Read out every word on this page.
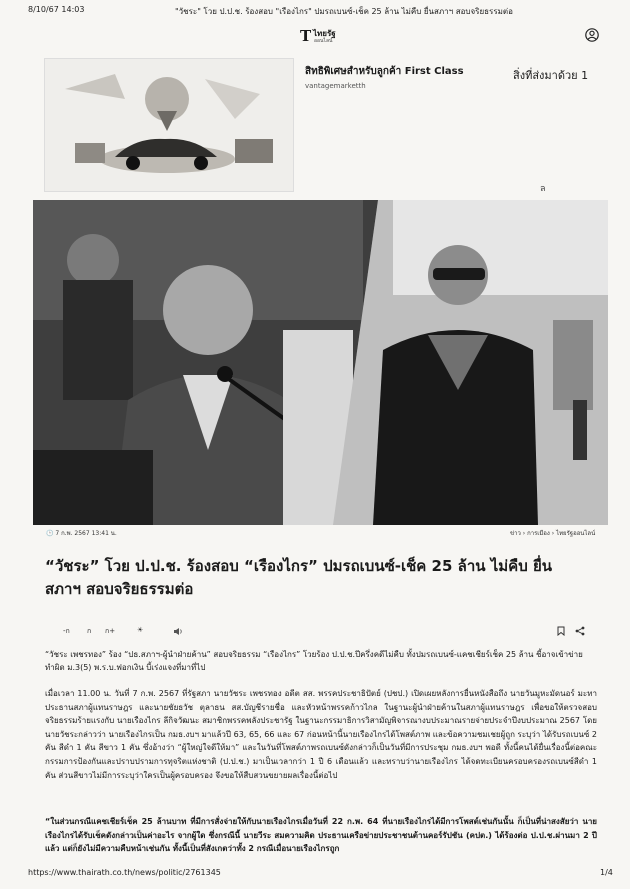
8/10/67 14:03	"วัชระ" โวย ป.ป.ช. ร้องสอบ "เรืองไกร" ปมรถเบนซ์-เช็ค 25 ล้าน ไม่คืบ ยื่นสภาฯ สอบจริยธรรมต่อ
T ไทยรัฐ
ออนไลน์
สิทธิพิเศษสำหรับลูกค้า First Class
vantagemarketth
สิ่งที่ส่งมาด้วย 1
ล
🕒 7 ก.พ. 2567 13:41 น.	ข่าว › การเมือง › ไทยรัฐออนไลน์
“วัชระ” โวย ป.ป.ช. ร้องสอบ “เรืองไกร” ปมรถเบนซ์-เช็ค 25 ล้าน ไม่คืบ ยื่นสภาฯ สอบจริยธรรมต่อ
-ก ก ก+	☀
“วัชระ เพชรทอง” ร้อง “ปธ.สภาฯ-ผู้นำฝ่ายค้าน” สอบจริยธรรม “เรืองไกร” โวยร้อง ป.ป.ช.ปีครึ่งคดีไม่คืบ ทั้งปมรถเบนซ์-แคชเชียร์เช็ค 25 ล้าน ชี้อาจเข้าข่ายทำผิด ม.3(5) พ.ร.บ.ฟอกเงิน บี้เร่งแจงที่มาที่ไป
เมื่อเวลา 11.00 น. วันที่ 7 ก.พ. 2567 ที่รัฐสภา นายวัชระ เพชรทอง อดีต สส. พรรคประชาธิปัตย์ (ปชป.) เปิดเผยหลังการยื่นหนังสือถึง นายวันมูหะมัดนอร์ มะทา ประธานสภาผู้แทนราษฎร และนายชัยธวัช ตุลาธน สส.บัญชีรายชื่อ และหัวหน้าพรรคก้าวไกล ในฐานะผู้นำฝ่ายค้านในสภาผู้แทนราษฎร เพื่อขอให้ตรวจสอบจริยธรรมร้ายแรงกับ นายเรืองไกร ลีกิจวัฒนะ สมาชิกพรรคพลังประชารัฐ ในฐานะกรรมาธิการวิสามัญพิจารณางบประมาณรายจ่ายประจำปีงบประมาณ 2567 โดยนายวัชระกล่าวว่า นายเรืองไกรเป็น กมธ.งบฯ มาแล้วปี 63, 65, 66 และ 67 ก่อนหน้านี้นายเรืองไกรได้โพสต์ภาพ และข้อความชมเชยผู้ถูก ระบุว่า ได้รับรถเบนซ์ 2 คัน สีดำ 1 คัน สีขาว 1 คัน ซึ่งอ้างว่า “ผู้ใหญ่ใจดีให้มา” และในวันที่โพสต์ภาพรถเบนซ์ดังกล่าวก็เป็นวันที่มีการประชุม กมธ.งบฯ พอดี ทั้งนี้คนได้ยื่นเรื่องนี้ต่อคณะกรรมการป้องกันและปราบปรามการทุจริตแห่งชาติ (ป.ป.ช.) มาเป็นเวลากว่า 1 ปี 6 เดือนแล้ว และทราบว่านายเรืองไกร ได้จดทะเบียนครอบครองรถเบนซ์สีดำ 1 คัน ส่วนสีขาวไม่มีการระบุว่าใครเป็นผู้ครอบครอง จึงขอให้สืบสวนขยายผลเรื่องนี้ต่อไป
“ในส่วนกรณีแคชเชียร์เช็ค 25 ล้านบาท ที่มีการสั่งจ่ายให้กับนายเรืองไกรเมื่อวันที่ 22 ก.พ. 64 ที่นายเรืองไกรได้มีการโพสต์เช่นกันนั้น ก็เป็นที่น่าสงสัยว่า นายเรืองไกรได้รับเช็คดังกล่าวเป็นค่าอะไร จากผู้ใด ซึ่งกรณีนี้ นายวีระ สมความคิด ประธานเครือข่ายประชาชนต้านคอร์รัปชัน (คปต.) ได้ร้องต่อ ป.ป.ช.ผ่านมา 2 ปีแล้ว แต่ก็ยังไม่มีความคืบหน้าเช่นกัน ทั้งนี้เป็นที่สังเกตว่าทั้ง 2 กรณีเมื่อนายเรืองไกรถูก
https://www.thairath.co.th/news/politic/2761345	1/4
